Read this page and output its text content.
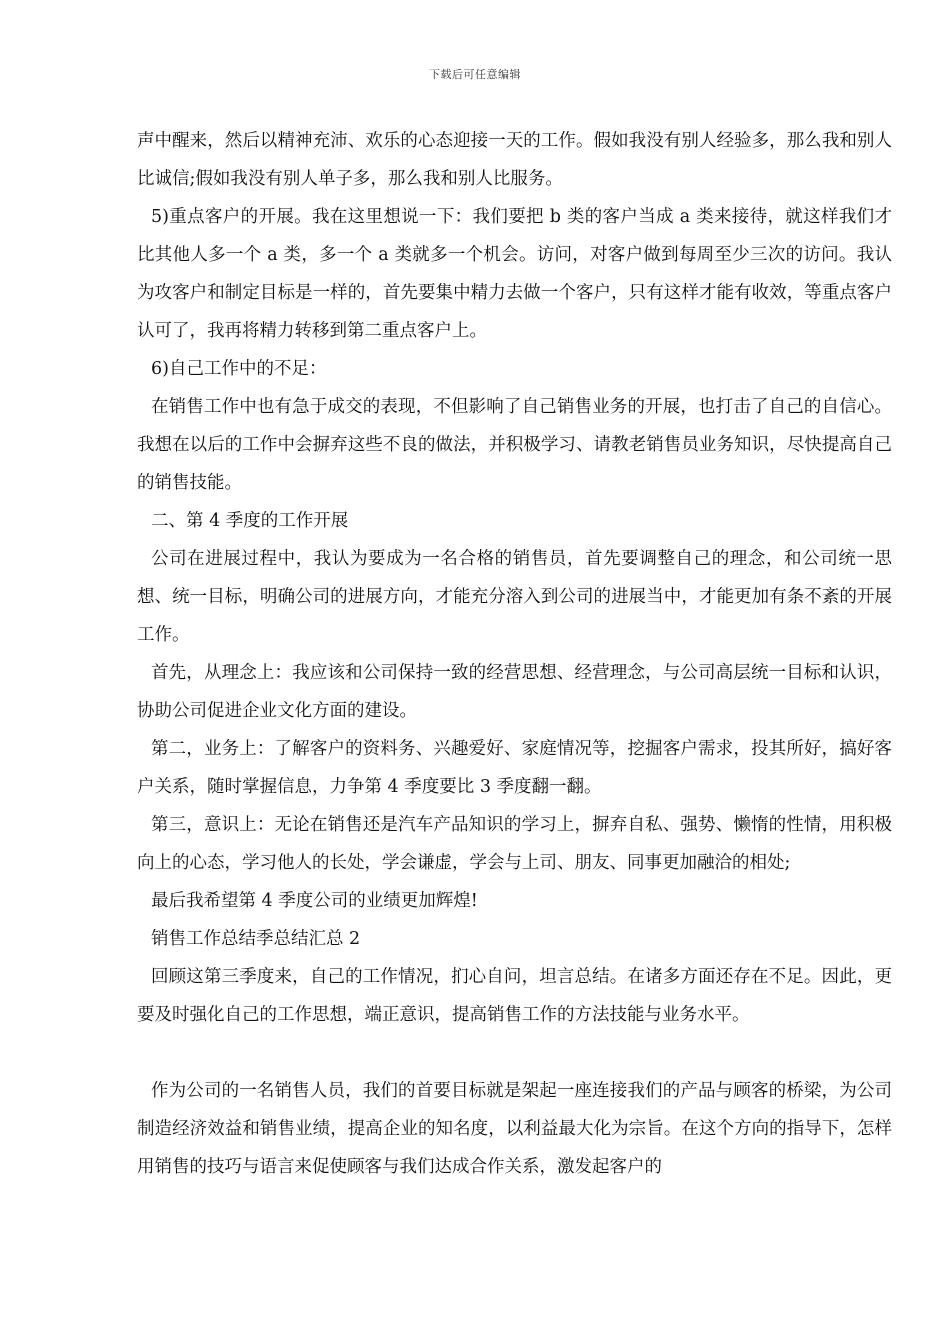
下载后可任意编辑

声中醒来，然后以精神充沛、欢乐的心态迎接一天的工作。假如我没有别人经验多，那么我和别人比诚信;假如我没有别人单子多，那么我和别人比服务。

5)重点客户的开展。我在这里想说一下：我们要把 b 类的客户当成 a 类来接待，就这样我们才比其他人多一个 a 类，多一个 a 类就多一个机会。访问，对客户做到每周至少三次的访问。我认为攻客户和制定目标是一样的，首先要集中精力去做一个客户，只有这样才能有收效，等重点客户认可了，我再将精力转移到第二重点客户上。

6)自己工作中的不足：

在销售工作中也有急于成交的表现，不但影响了自己销售业务的开展，也打击了自己的自信心。我想在以后的工作中会摒弃这些不良的做法，并积极学习、请教老销售员业务知识，尽快提高自己的销售技能。

二、第 4 季度的工作开展

公司在进展过程中，我认为要成为一名合格的销售员，首先要调整自己的理念，和公司统一思想、统一目标，明确公司的进展方向，才能充分溶入到公司的进展当中，才能更加有条不紊的开展工作。

首先，从理念上：我应该和公司保持一致的经营思想、经营理念，与公司高层统一目标和认识，协助公司促进企业文化方面的建设。

第二，业务上：了解客户的资料务、兴趣爱好、家庭情况等，挖掘客户需求，投其所好，搞好客户关系，随时掌握信息，力争第 4 季度要比 3 季度翻一翻。

第三，意识上：无论在销售还是汽车产品知识的学习上，摒弃自私、强势、懒惰的性情，用积极向上的心态，学习他人的长处，学会谦虚，学会与上司、朋友、同事更加融洽的相处;

最后我希望第 4 季度公司的业绩更加辉煌!

销售工作总结季总结汇总 2

回顾这第三季度来，自己的工作情况，扪心自问，坦言总结。在诸多方面还存在不足。因此，更要及时强化自己的工作思想，端正意识，提高销售工作的方法技能与业务水平。

作为公司的一名销售人员，我们的首要目标就是架起一座连接我们的产品与顾客的桥梁，为公司制造经济效益和销售业绩，提高企业的知名度，以利益最大化为宗旨。在这个方向的指导下，怎样用销售的技巧与语言来促使顾客与我们达成合作关系，激发起客户的
